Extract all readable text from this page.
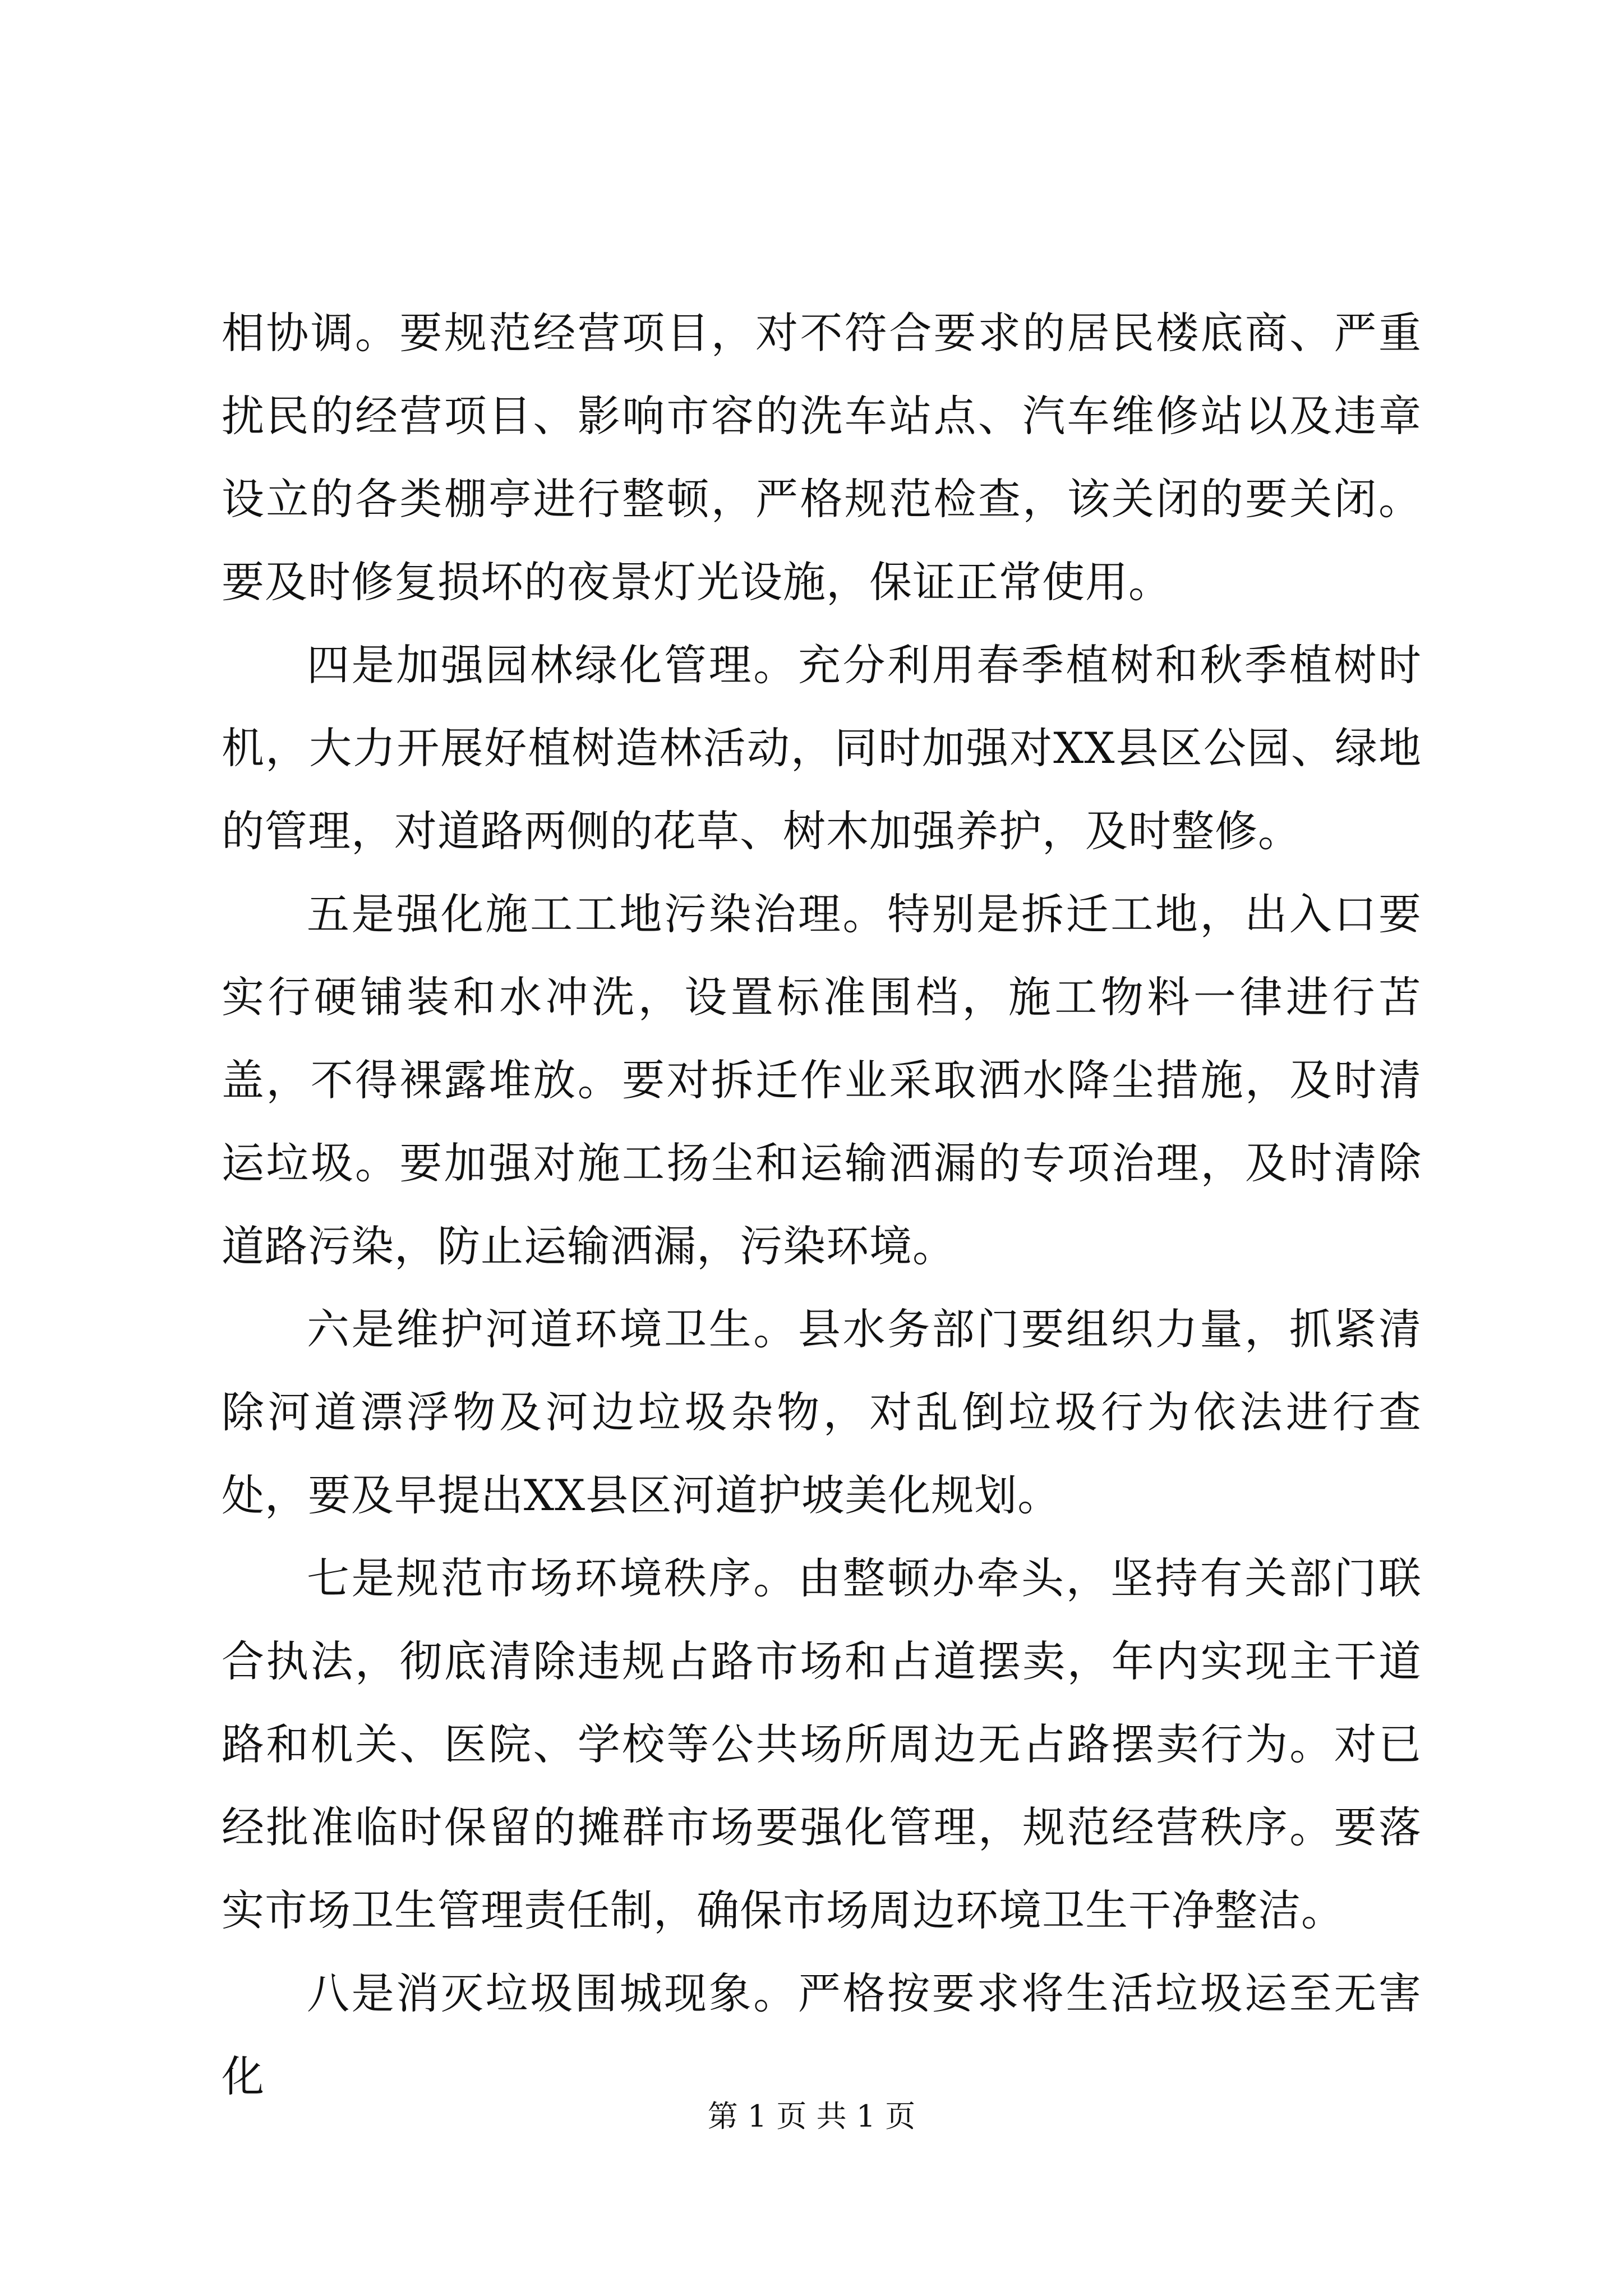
相协调。要规范经营项目，对不符合要求的居民楼底商、严重扰民的经营项目、影响市容的洗车站点、汽车维修站以及违章设立的各类棚亭进行整顿，严格规范检查，该关闭的要关闭。要及时修复损坏的夜景灯光设施，保证正常使用。

四是加强园林绿化管理。充分利用春季植树和秋季植树时机，大力开展好植树造林活动，同时加强对XX县区公园、绿地的管理，对道路两侧的花草、树木加强养护，及时整修。

五是强化施工工地污染治理。特别是拆迁工地，出入口要实行硬铺装和水冲洗，设置标准围档，施工物料一律进行苫盖，不得裸露堆放。要对拆迁作业采取洒水降尘措施，及时清运垃圾。要加强对施工扬尘和运输洒漏的专项治理，及时清除道路污染，防止运输洒漏，污染环境。

六是维护河道环境卫生。县水务部门要组织力量，抓紧清除河道漂浮物及河边垃圾杂物，对乱倒垃圾行为依法进行查处，要及早提出XX县区河道护坡美化规划。

七是规范市场环境秩序。由整顿办牵头，坚持有关部门联合执法，彻底清除违规占路市场和占道摆卖，年内实现主干道路和机关、医院、学校等公共场所周边无占路摆卖行为。对已经批准临时保留的摊群市场要强化管理，规范经营秩序。要落实市场卫生管理责任制，确保市场周边环境卫生干净整洁。

八是消灭垃圾围城现象。严格按要求将生活垃圾运至无害化

第 1 页 共 1 页
